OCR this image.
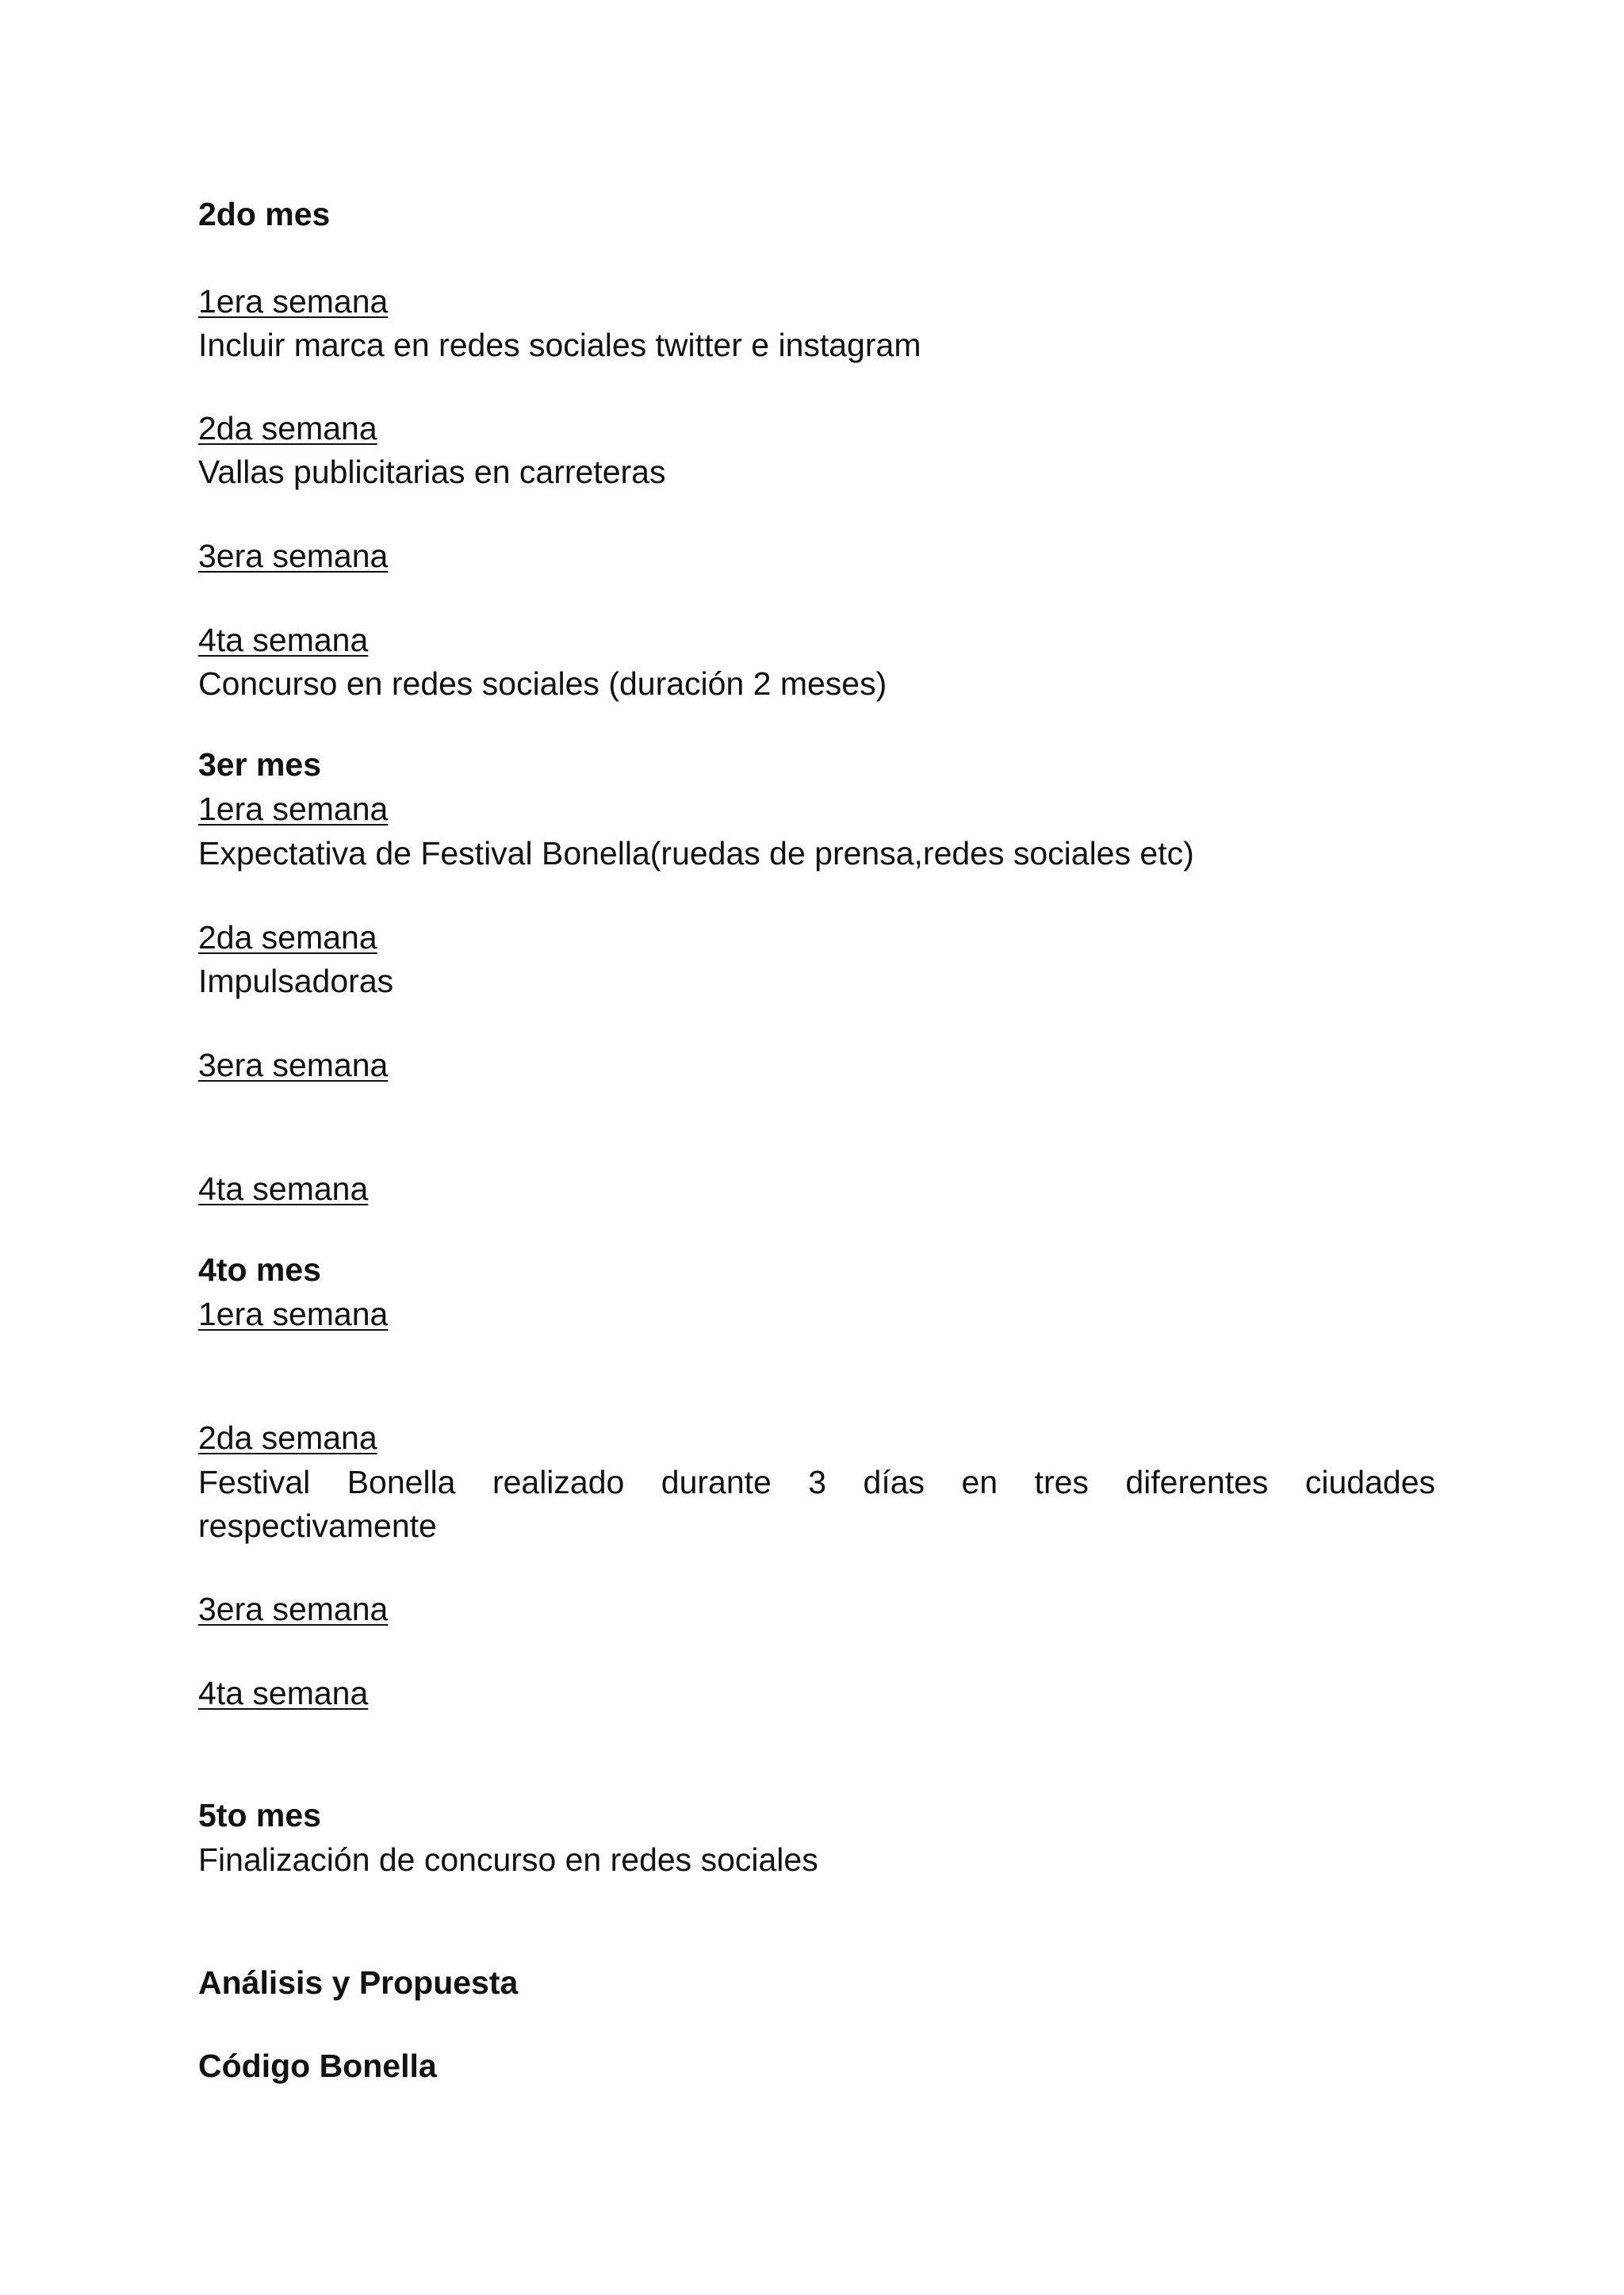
2do mes

1era semana

Incluir marca en redes sociales twitter e instagram

2da semana

Vallas publicitarias en carreteras

3era semana

4ta semana

Concurso en redes sociales (duración 2 meses)

3er mes

1era semana

Expectativa de Festival Bonella(ruedas de prensa,redes sociales etc)

2da semana

Impulsadoras

3era semana

4ta semana

4to mes

1era semana

2da semana

Festival Bonella realizado durante 3 días en tres diferentes ciudades

respectivamente

3era semana

4ta semana

5to mes

Finalización de concurso en redes sociales

Análisis y Propuesta

Código Bonella
